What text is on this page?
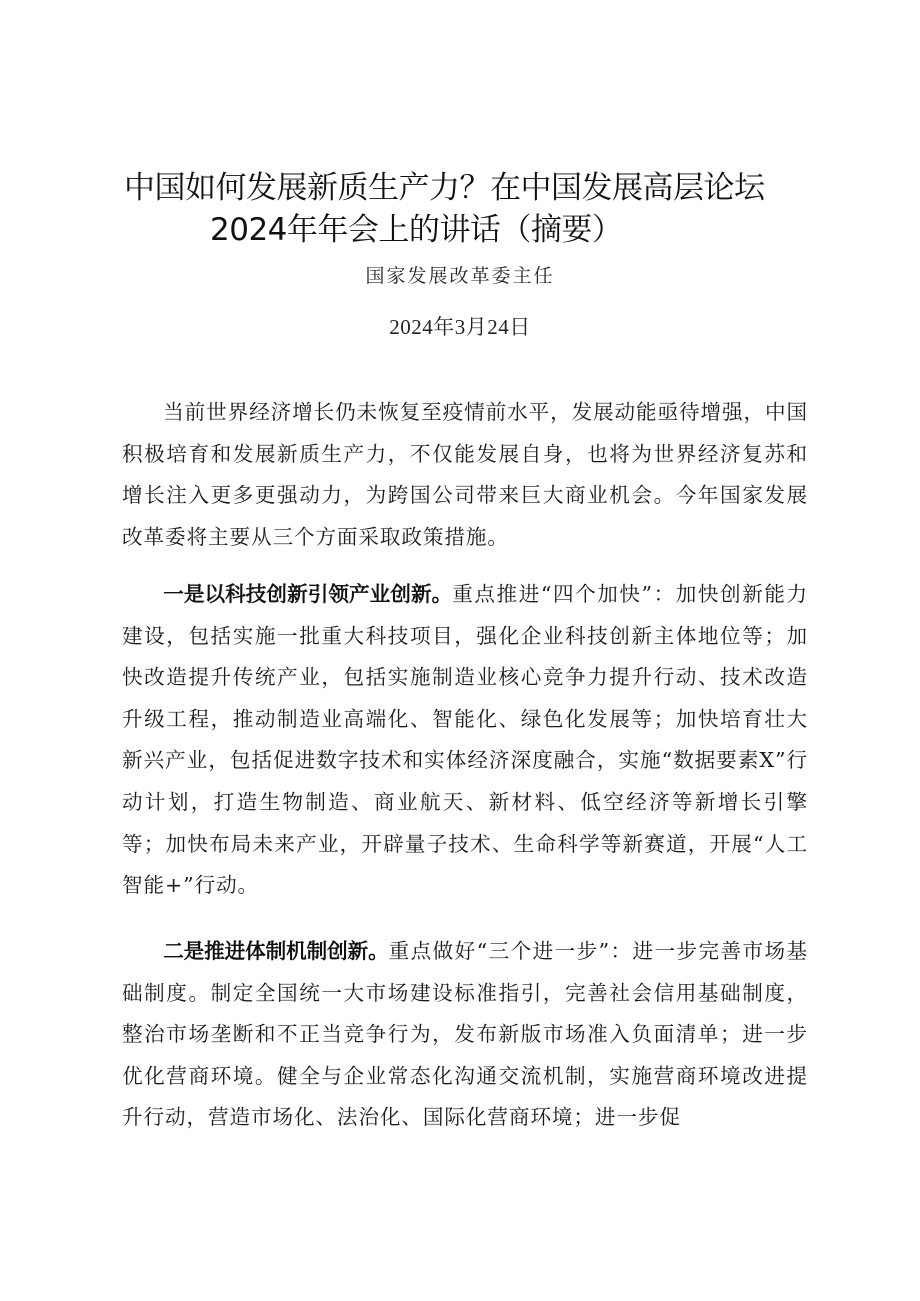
中国如何发展新质生产力？在中国发展高层论坛
2024年年会上的讲话（摘要）
国家发展改革委主任
2024年3月24日

当前世界经济增长仍未恢复至疫情前水平，发展动能亟待增强，中国积极培育和发展新质生产力，不仅能发展自身，也将为世界经济复苏和增长注入更多更强动力，为跨国公司带来巨大商业机会。今年国家发展改革委将主要从三个方面采取政策措施。

一是以科技创新引领产业创新。重点推进“四个加快”：加快创新能力建设，包括实施一批重大科技项目，强化企业科技创新主体地位等；加快改造提升传统产业，包括实施制造业核心竞争力提升行动、技术改造升级工程，推动制造业高端化、智能化、绿色化发展等；加快培育壮大新兴产业，包括促进数字技术和实体经济深度融合，实施“数据要素X”行动计划，打造生物制造、商业航天、新材料、低空经济等新增长引擎等；加快布局未来产业，开辟量子技术、生命科学等新赛道，开展“人工智能+”行动。

二是推进体制机制创新。重点做好“三个进一步”：进一步完善市场基础制度。制定全国统一大市场建设标准指引，完善社会信用基础制度，整治市场垄断和不正当竞争行为，发布新版市场准入负面清单；进一步优化营商环境。健全与企业常态化沟通交流机制，实施营商环境改进提升行动，营造市场化、法治化、国际化营商环境；进一步促
